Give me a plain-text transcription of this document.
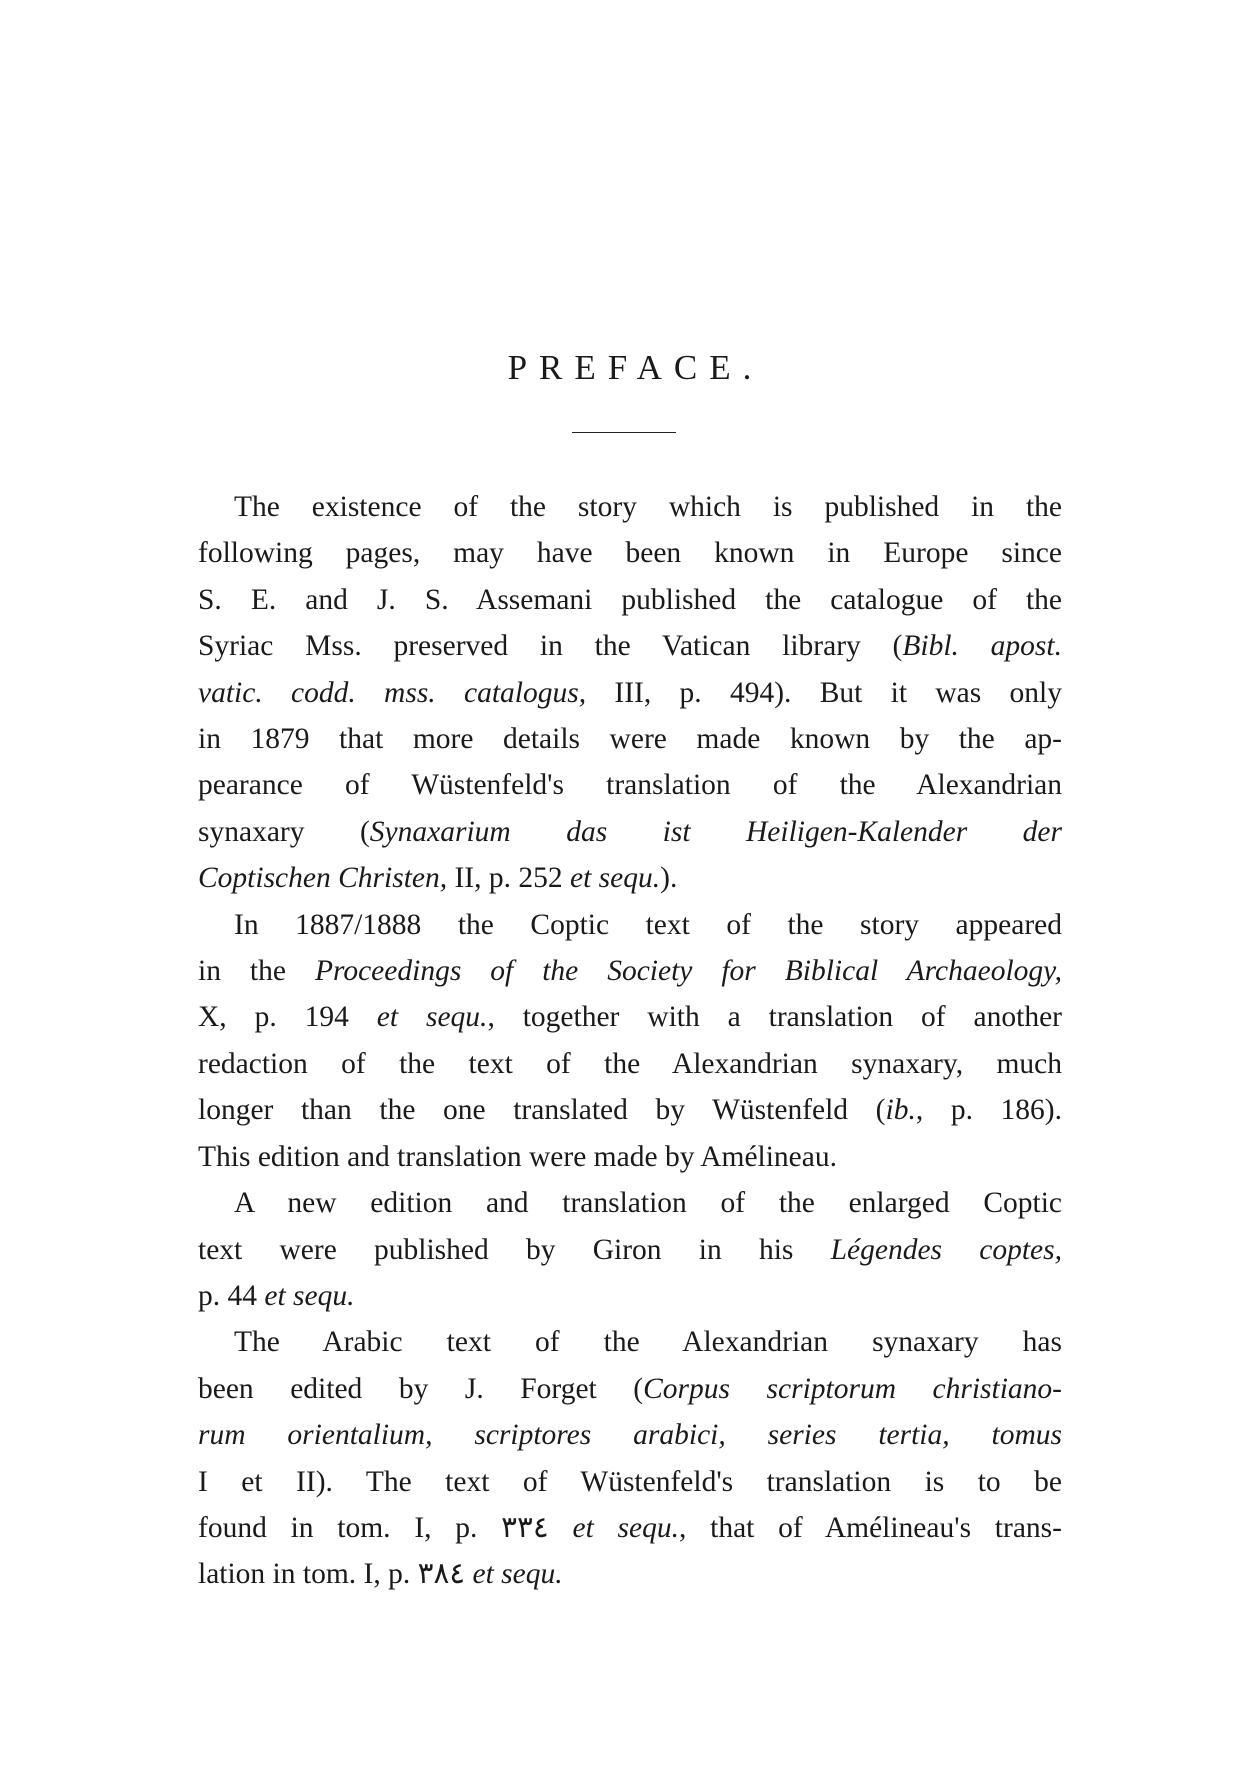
PREFACE.
The existence of the story which is published in the
following pages, may have been known in Europe since
S. E. and J. S. Assemani published the catalogue of the
Syriac Mss. preserved in the Vatican library (Bibl. apost.
vatic. codd. mss. catalogus, III, p. 494). But it was only
in 1879 that more details were made known by the ap-
pearance of Wüstenfeld's translation of the Alexandrian
synaxary (Synaxarium das ist Heiligen-Kalender der
Coptischen Christen, II, p. 252 et sequ.).
In 1887/1888 the Coptic text of the story appeared
in the Proceedings of the Society for Biblical Archaeology,
X, p. 194 et sequ., together with a translation of another
redaction of the text of the Alexandrian synaxary, much
longer than the one translated by Wüstenfeld (ib., p. 186).
This edition and translation were made by Amélineau.
A new edition and translation of the enlarged Coptic
text were published by Giron in his Légendes coptes,
p. 44 et sequ.
The Arabic text of the Alexandrian synaxary has
been edited by J. Forget (Corpus scriptorum christiano-
rum orientalium, scriptores arabici, series tertia, tomus
I et II). The text of Wüstenfeld's translation is to be
found in tom. I, p. ٣٣٤ et sequ., that of Amélineau's trans-
lation in tom. I, p. ٣٨٤ et sequ.
